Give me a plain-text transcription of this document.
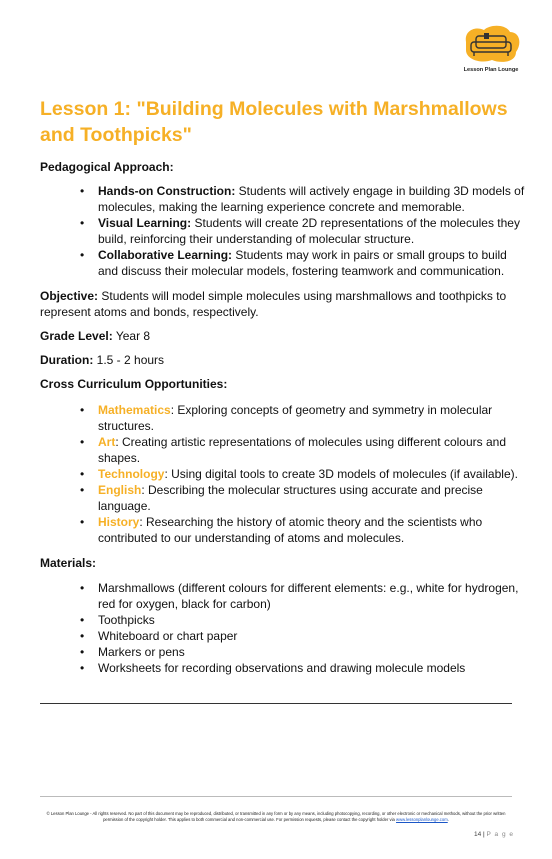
Lesson Plan Lounge
Lesson 1: "Building Molecules with Marshmallows and Toothpicks"
Pedagogical Approach:
• Hands-on Construction: Students will actively engage in building 3D models of molecules, making the learning experience concrete and memorable.
• Visual Learning: Students will create 2D representations of the molecules they build, reinforcing their understanding of molecular structure.
• Collaborative Learning: Students may work in pairs or small groups to build and discuss their molecular models, fostering teamwork and communication.
Objective: Students will model simple molecules using marshmallows and toothpicks to represent atoms and bonds, respectively.
Grade Level: Year 8
Duration: 1.5 - 2 hours
Cross Curriculum Opportunities:
• Mathematics: Exploring concepts of geometry and symmetry in molecular structures.
• Art: Creating artistic representations of molecules using different colours and shapes.
• Technology: Using digital tools to create 3D models of molecules (if available).
• English: Describing the molecular structures using accurate and precise language.
• History: Researching the history of atomic theory and the scientists who contributed to our understanding of atoms and molecules.
Materials:
• Marshmallows (different colours for different elements: e.g., white for hydrogen, red for oxygen, black for carbon)
• Toothpicks
• Whiteboard or chart paper
• Markers or pens
• Worksheets for recording observations and drawing molecule models
© Lesson Plan Lounge - All rights reserved. No part of this document may be reproduced, distributed, or transmitted in any form or by any means, including photocopying, recording, or other electronic or mechanical methods, without the prior written permission of the copyright holder. This applies to both commercial and non-commercial use. For permission requests, please contact the copyright holder via www.lessonplanlounge.com.
14 | P a g e
